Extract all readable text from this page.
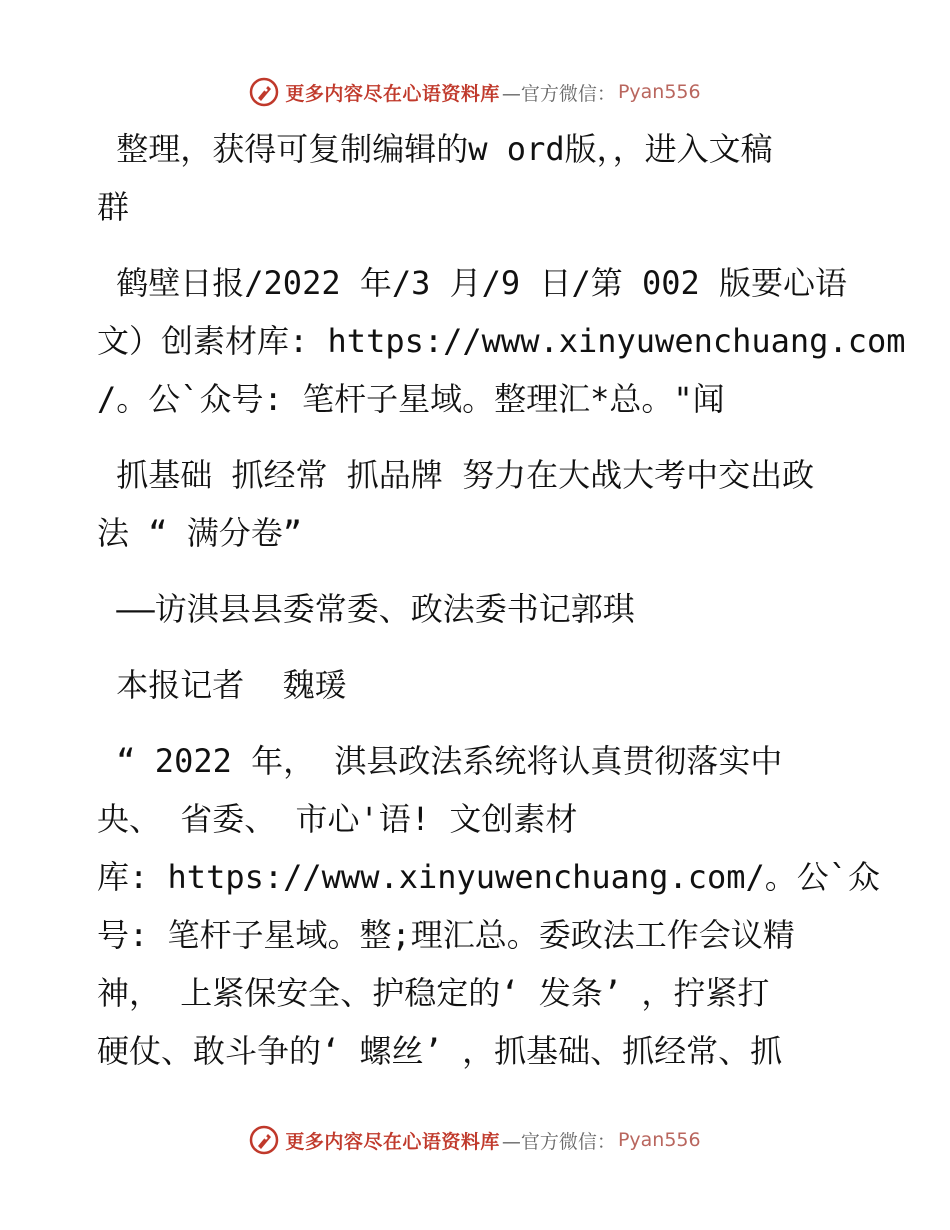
更多内容尽在心语资料库 —官方微信： Pyan556
整理，获得可复制编辑的w ord版，，进入文稿
群
鹤壁日报/2022 年/3 月/9 日/第 002 版要心语
文）创素材库: https://www.xinyuwenchuang.com
/。公`众号: 笔杆子星域。整理汇*总。"闻
抓基础 抓经常 抓品牌 努力在大战大考中交出政
法 “ 满分卷”
——访淇县县委常委、政法委书记郭琪
本报记者  魏瑗
“ 2022 年， 淇县政法系统将认真贯彻落实中
央、 省委、 市心'语! 文创素材
库: https://www.xinyuwenchuang.com/。公`众
号: 笔杆子星域。整;理汇总。委政法工作会议精
神， 上紧保安全、护稳定的‘ 发条’ ，拧紧打
硬仗、敢斗争的‘ 螺丝’ ，抓基础、抓经常、抓
更多内容尽在心语资料库 —官方微信： Pyan556
